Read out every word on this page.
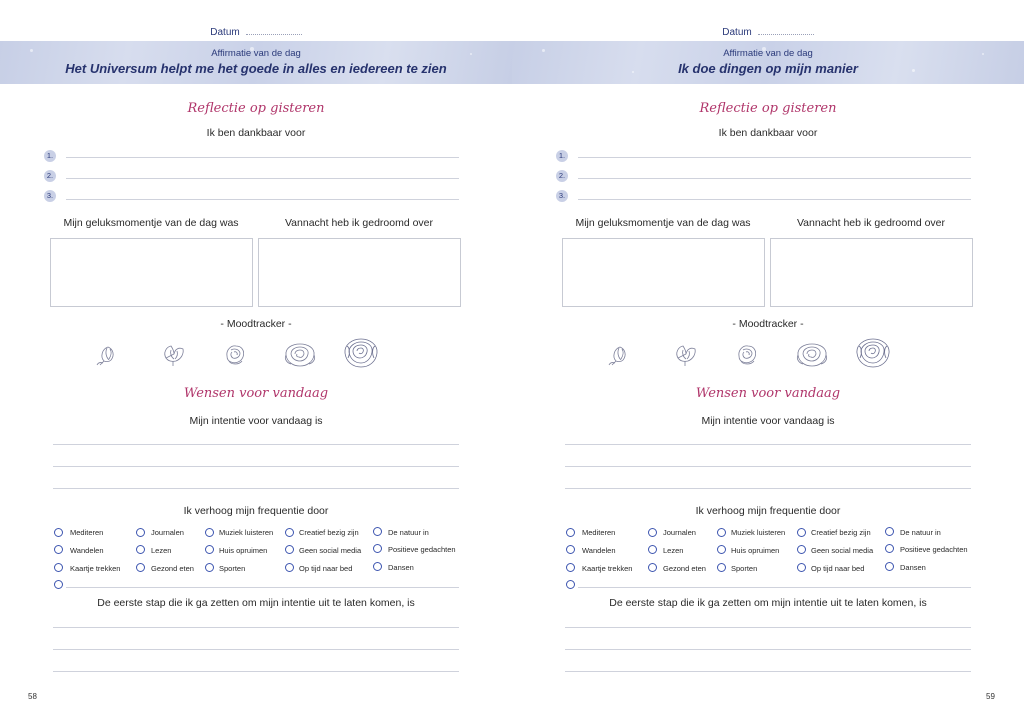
Datum
Affirmatie van de dag
Het Universum helpt me het goede in alles en iedereen te zien
Reflectie op gisteren
Ik ben dankbaar voor
1.
2.
3.
Mijn geluksmomentje van de dag was	Vannacht heb ik gedroomd over
- Moodtracker -
Wensen voor vandaag
Mijn intentie voor vandaag is
Ik verhoog mijn frequentie door
Mediteren
Wandelen
Kaartje trekken
Journalen
Lezen
Gezond eten
Muziek luisteren
Huis opruimen
Sporten
Creatief bezig zijn
Geen social media
Op tijd naar bed
De natuur in
Positieve gedachten
Dansen
De eerste stap die ik ga zetten om mijn intentie uit te laten komen, is
58
Datum
Affirmatie van de dag
Ik doe dingen op mijn manier
Reflectie op gisteren
Ik ben dankbaar voor
1.
2.
3.
Mijn geluksmomentje van de dag was	Vannacht heb ik gedroomd over
- Moodtracker -
Wensen voor vandaag
Mijn intentie voor vandaag is
Ik verhoog mijn frequentie door
Mediteren
Wandelen
Kaartje trekken
Journalen
Lezen
Gezond eten
Muziek luisteren
Huis opruimen
Sporten
Creatief bezig zijn
Geen social media
Op tijd naar bed
De natuur in
Positieve gedachten
Dansen
De eerste stap die ik ga zetten om mijn intentie uit te laten komen, is
59
